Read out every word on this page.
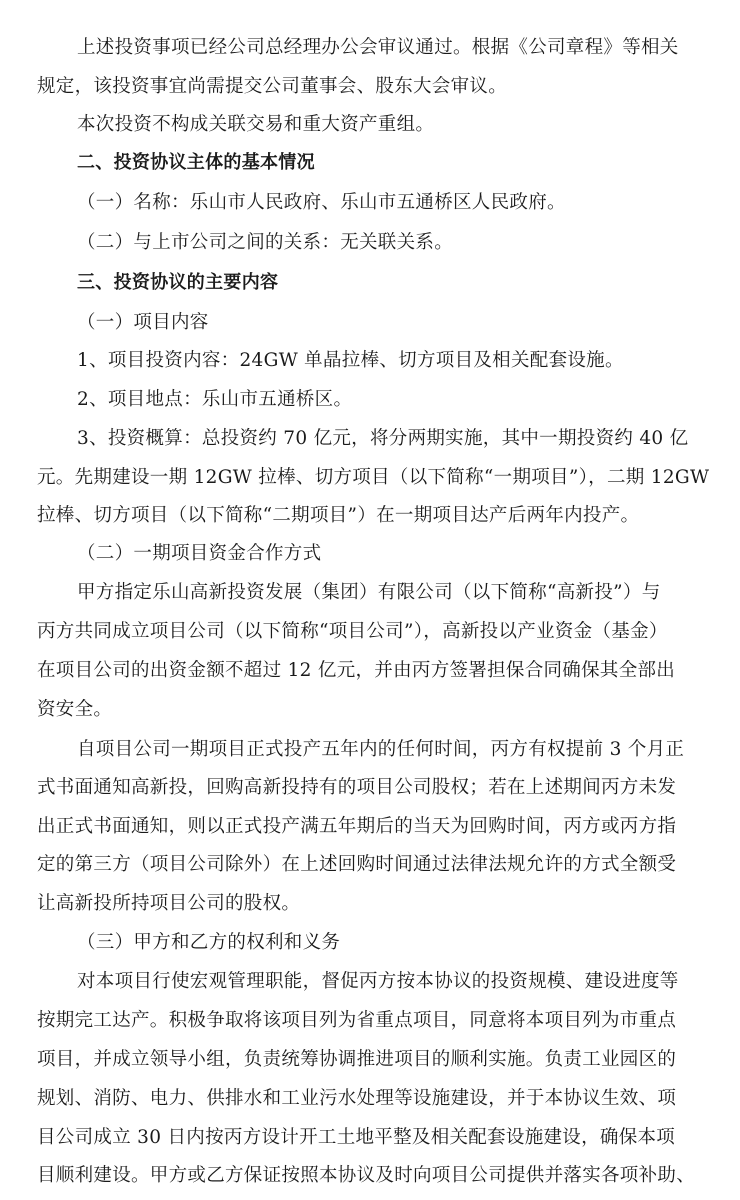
上述投资事项已经公司总经理办公会审议通过。根据《公司章程》等相关
规定，该投资事宜尚需提交公司董事会、股东大会审议。
本次投资不构成关联交易和重大资产重组。
二、投资协议主体的基本情况
（一）名称：乐山市人民政府、乐山市五通桥区人民政府。
（二）与上市公司之间的关系：无关联关系。
三、投资协议的主要内容
（一）项目内容
1、项目投资内容：24GW 单晶拉棒、切方项目及相关配套设施。
2、项目地点：乐山市五通桥区。
3、投资概算：总投资约 70 亿元，将分两期实施，其中一期投资约 40 亿
元。先期建设一期 12GW 拉棒、切方项目（以下简称“一期项目”），二期 12GW
拉棒、切方项目（以下简称“二期项目”）在一期项目达产后两年内投产。
（二）一期项目资金合作方式
甲方指定乐山高新投资发展（集团）有限公司（以下简称“高新投”）与
丙方共同成立项目公司（以下简称“项目公司”），高新投以产业资金（基金）
在项目公司的出资金额不超过 12 亿元，并由丙方签署担保合同确保其全部出
资安全。
自项目公司一期项目正式投产五年内的任何时间，丙方有权提前 3 个月正
式书面通知高新投，回购高新投持有的项目公司股权；若在上述期间丙方未发
出正式书面通知，则以正式投产满五年期后的当天为回购时间，丙方或丙方指
定的第三方（项目公司除外）在上述回购时间通过法律法规允许的方式全额受
让高新投所持项目公司的股权。
（三）甲方和乙方的权利和义务
对本项目行使宏观管理职能，督促丙方按本协议的投资规模、建设进度等
按期完工达产。积极争取将该项目列为省重点项目，同意将本项目列为市重点
项目，并成立领导小组，负责统筹协调推进项目的顺利实施。负责工业园区的
规划、消防、电力、供排水和工业污水处理等设施建设，并于本协议生效、项
目公司成立 30 日内按丙方设计开工土地平整及相关配套设施建设，确保本项
目顺利建设。甲方或乙方保证按照本协议及时向项目公司提供并落实各项补助、
